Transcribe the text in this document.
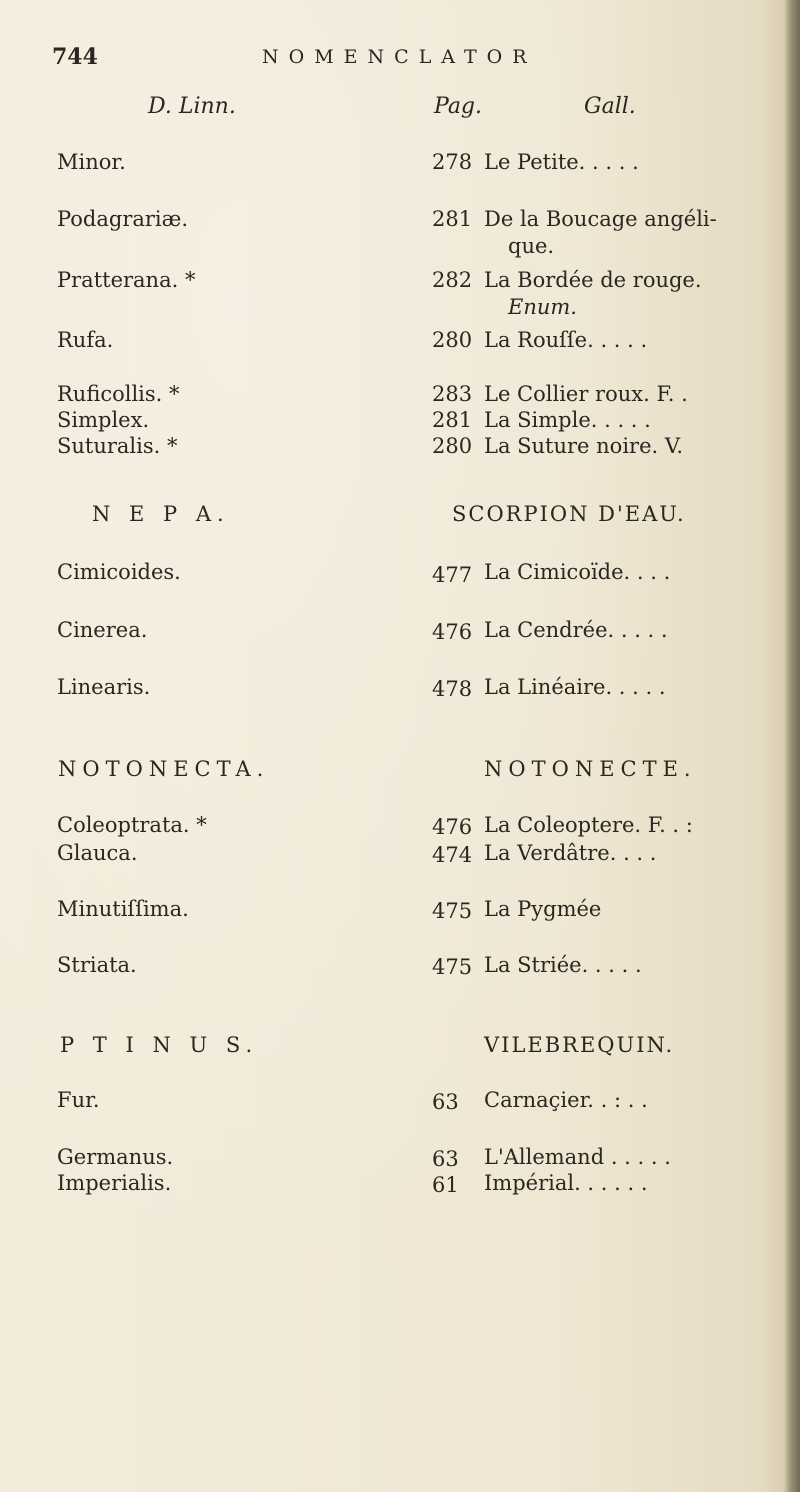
744	NOMENCLATOR
D. Linn.	Pag.	Gall.
Minor.	278 Le Petite. . . . .
Podagrariæ.	281 De la Boucage angéli-
que.
Pratterana. *	282 La Bordée de rouge.
Enum.
Rufa.	280 La Rouſſe. . . . .
Ruficollis. *	283 Le Collier roux. F. .
Simplex.	281 La Simple. . . . .
Suturalis. *	280 La Suture noire. V.
N E P A.	SCORPION D'EAU.
Cimicoides.	477 La Cimicoïde. . . .
Cinerea.	476 La Cendrée. . . . .
Linearis.	478 La Linéaire. . . . .
NOTONECTA.	NOTONECTE.
Coleoptrata. *	476 La Coleoptere. F. . :
Glauca.	474 La Verdâtre. . . .
Minutiſſima.	475 La Pygmée
Striata.	475 La Striée. . . . .
P T I N U S.	VILEBREQUIN.
Fur.	63 Carnaçier. . : . .
Germanus.	63 L'Allemand . . . . .
Imperialis.	61 Impérial. . . . . .
